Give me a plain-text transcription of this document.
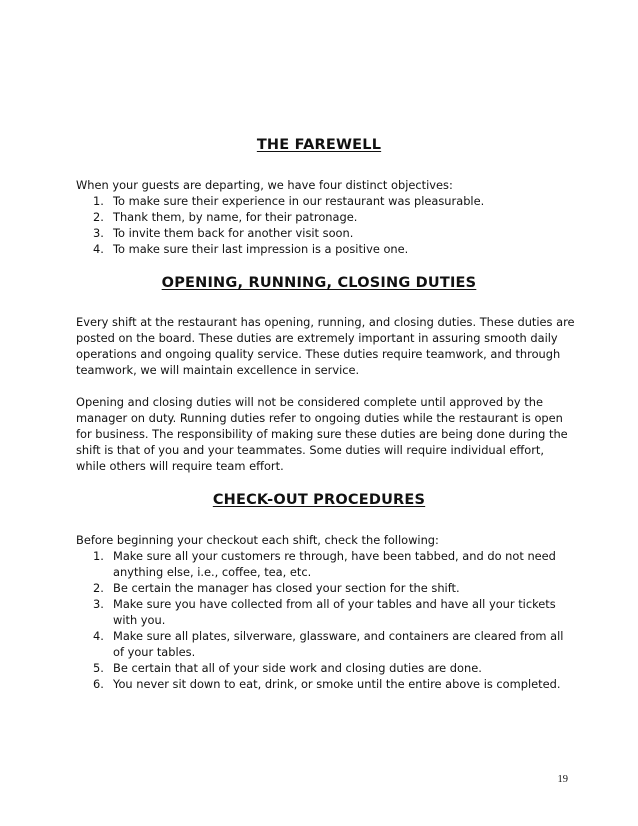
THE FAREWELL

When your guests are departing, we have four distinct objectives:

1. To make sure their experience in our restaurant was pleasurable.
2. Thank them, by name, for their patronage.
3. To invite them back for another visit soon.
4. To make sure their last impression is a positive one.
OPENING, RUNNING, CLOSING DUTIES

Every shift at the restaurant has opening, running, and closing duties. These duties are posted on the board. These duties are extremely important in assuring smooth daily operations and ongoing quality service. These duties require teamwork, and through teamwork, we will maintain excellence in service.

Opening and closing duties will not be considered complete until approved by the manager on duty. Running duties refer to ongoing duties while the restaurant is open for business. The responsibility of making sure these duties are being done during the shift is that of you and your teammates. Some duties will require individual effort, while others will require team effort.

CHECK-OUT PROCEDURES

Before beginning your checkout each shift, check the following:

1. Make sure all your customers re through, have been tabbed, and do not need anything else, i.e., coffee, tea, etc.
2. Be certain the manager has closed your section for the shift.
3. Make sure you have collected from all of your tables and have all your tickets with you.
4. Make sure all plates, silverware, glassware, and containers are cleared from all of your tables.
5. Be certain that all of your side work and closing duties are done.
6. You never sit down to eat, drink, or smoke until the entire above is completed.
19
